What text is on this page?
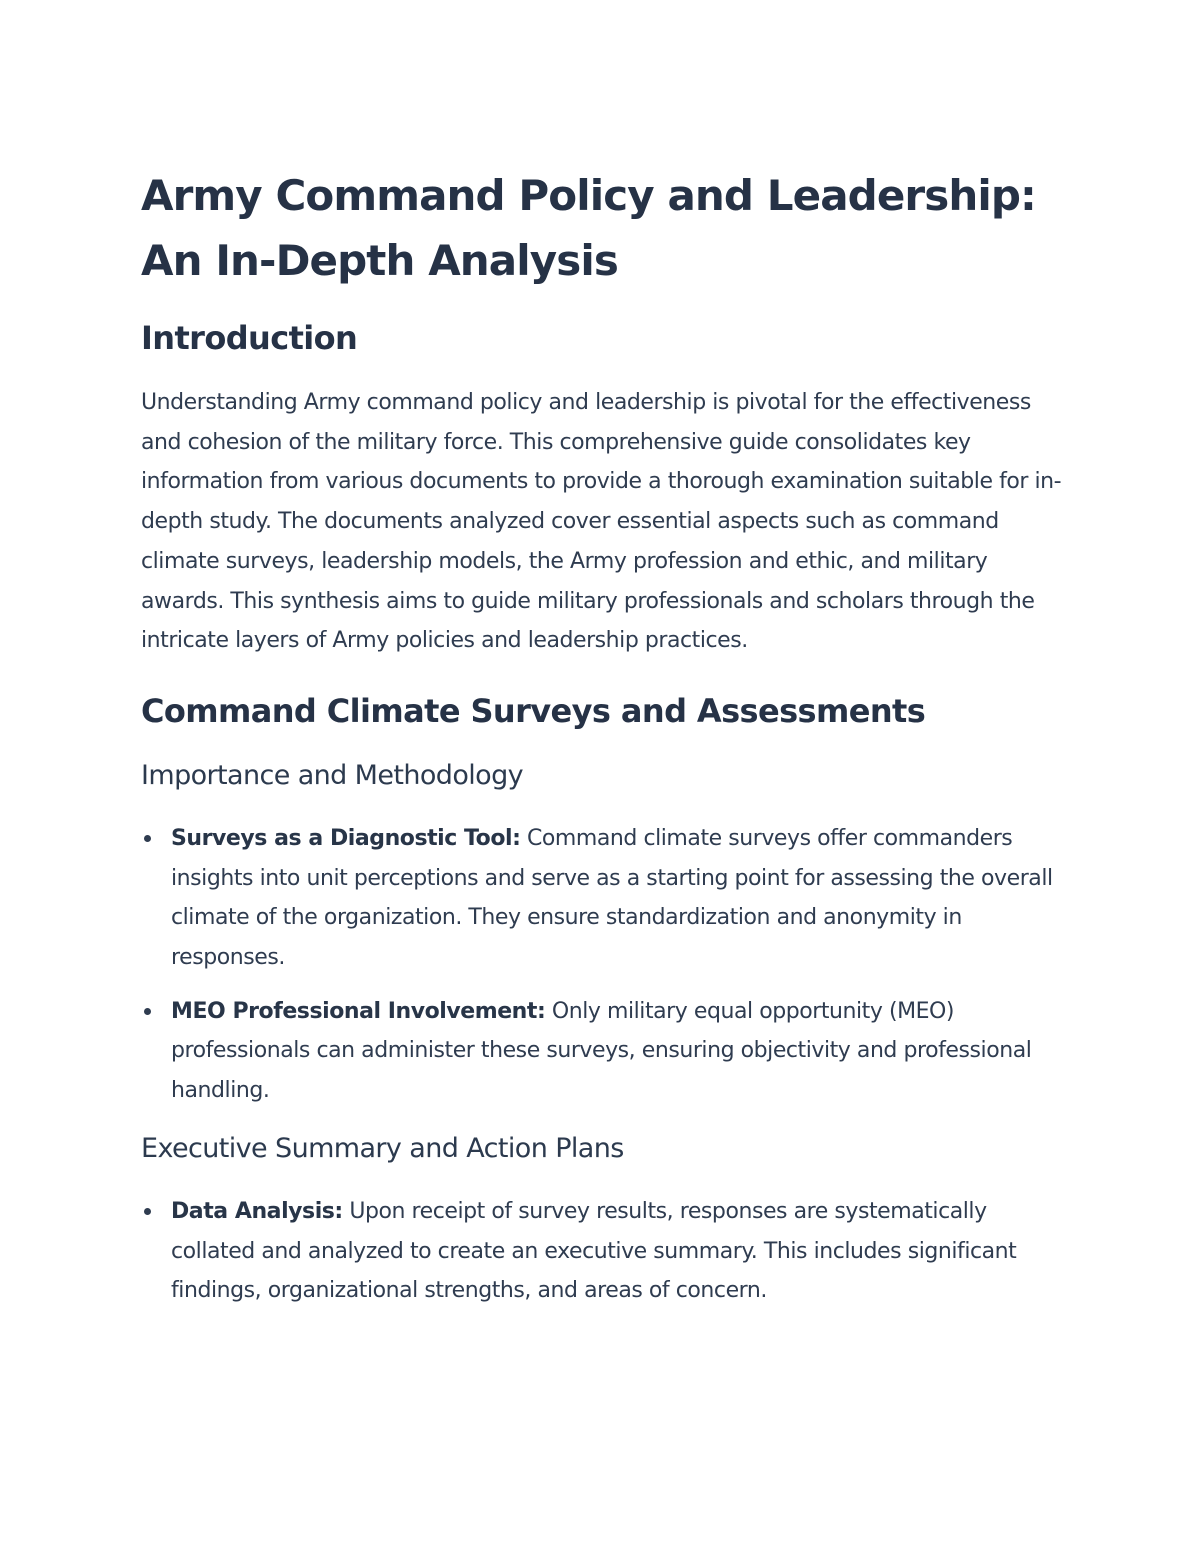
Army Command Policy and Leadership:
An In-Depth Analysis
Introduction

Understanding Army command policy and leadership is pivotal for the effectiveness and cohesion of the military force. This comprehensive guide consolidates key information from various documents to provide a thorough examination suitable for in-depth study. The documents analyzed cover essential aspects such as command climate surveys, leadership models, the Army profession and ethic, and military awards. This synthesis aims to guide military professionals and scholars through the intricate layers of Army policies and leadership practices.

Command Climate Surveys and Assessments
Importance and Methodology
Surveys as a Diagnostic Tool: Command climate surveys offer commanders insights into unit perceptions and serve as a starting point for assessing the overall climate of the organization. They ensure standardization and anonymity in responses.
MEO Professional Involvement: Only military equal opportunity (MEO) professionals can administer these surveys, ensuring objectivity and professional handling.
Executive Summary and Action Plans
Data Analysis: Upon receipt of survey results, responses are systematically collated and analyzed to create an executive summary. This includes significant findings, organizational strengths, and areas of concern.
